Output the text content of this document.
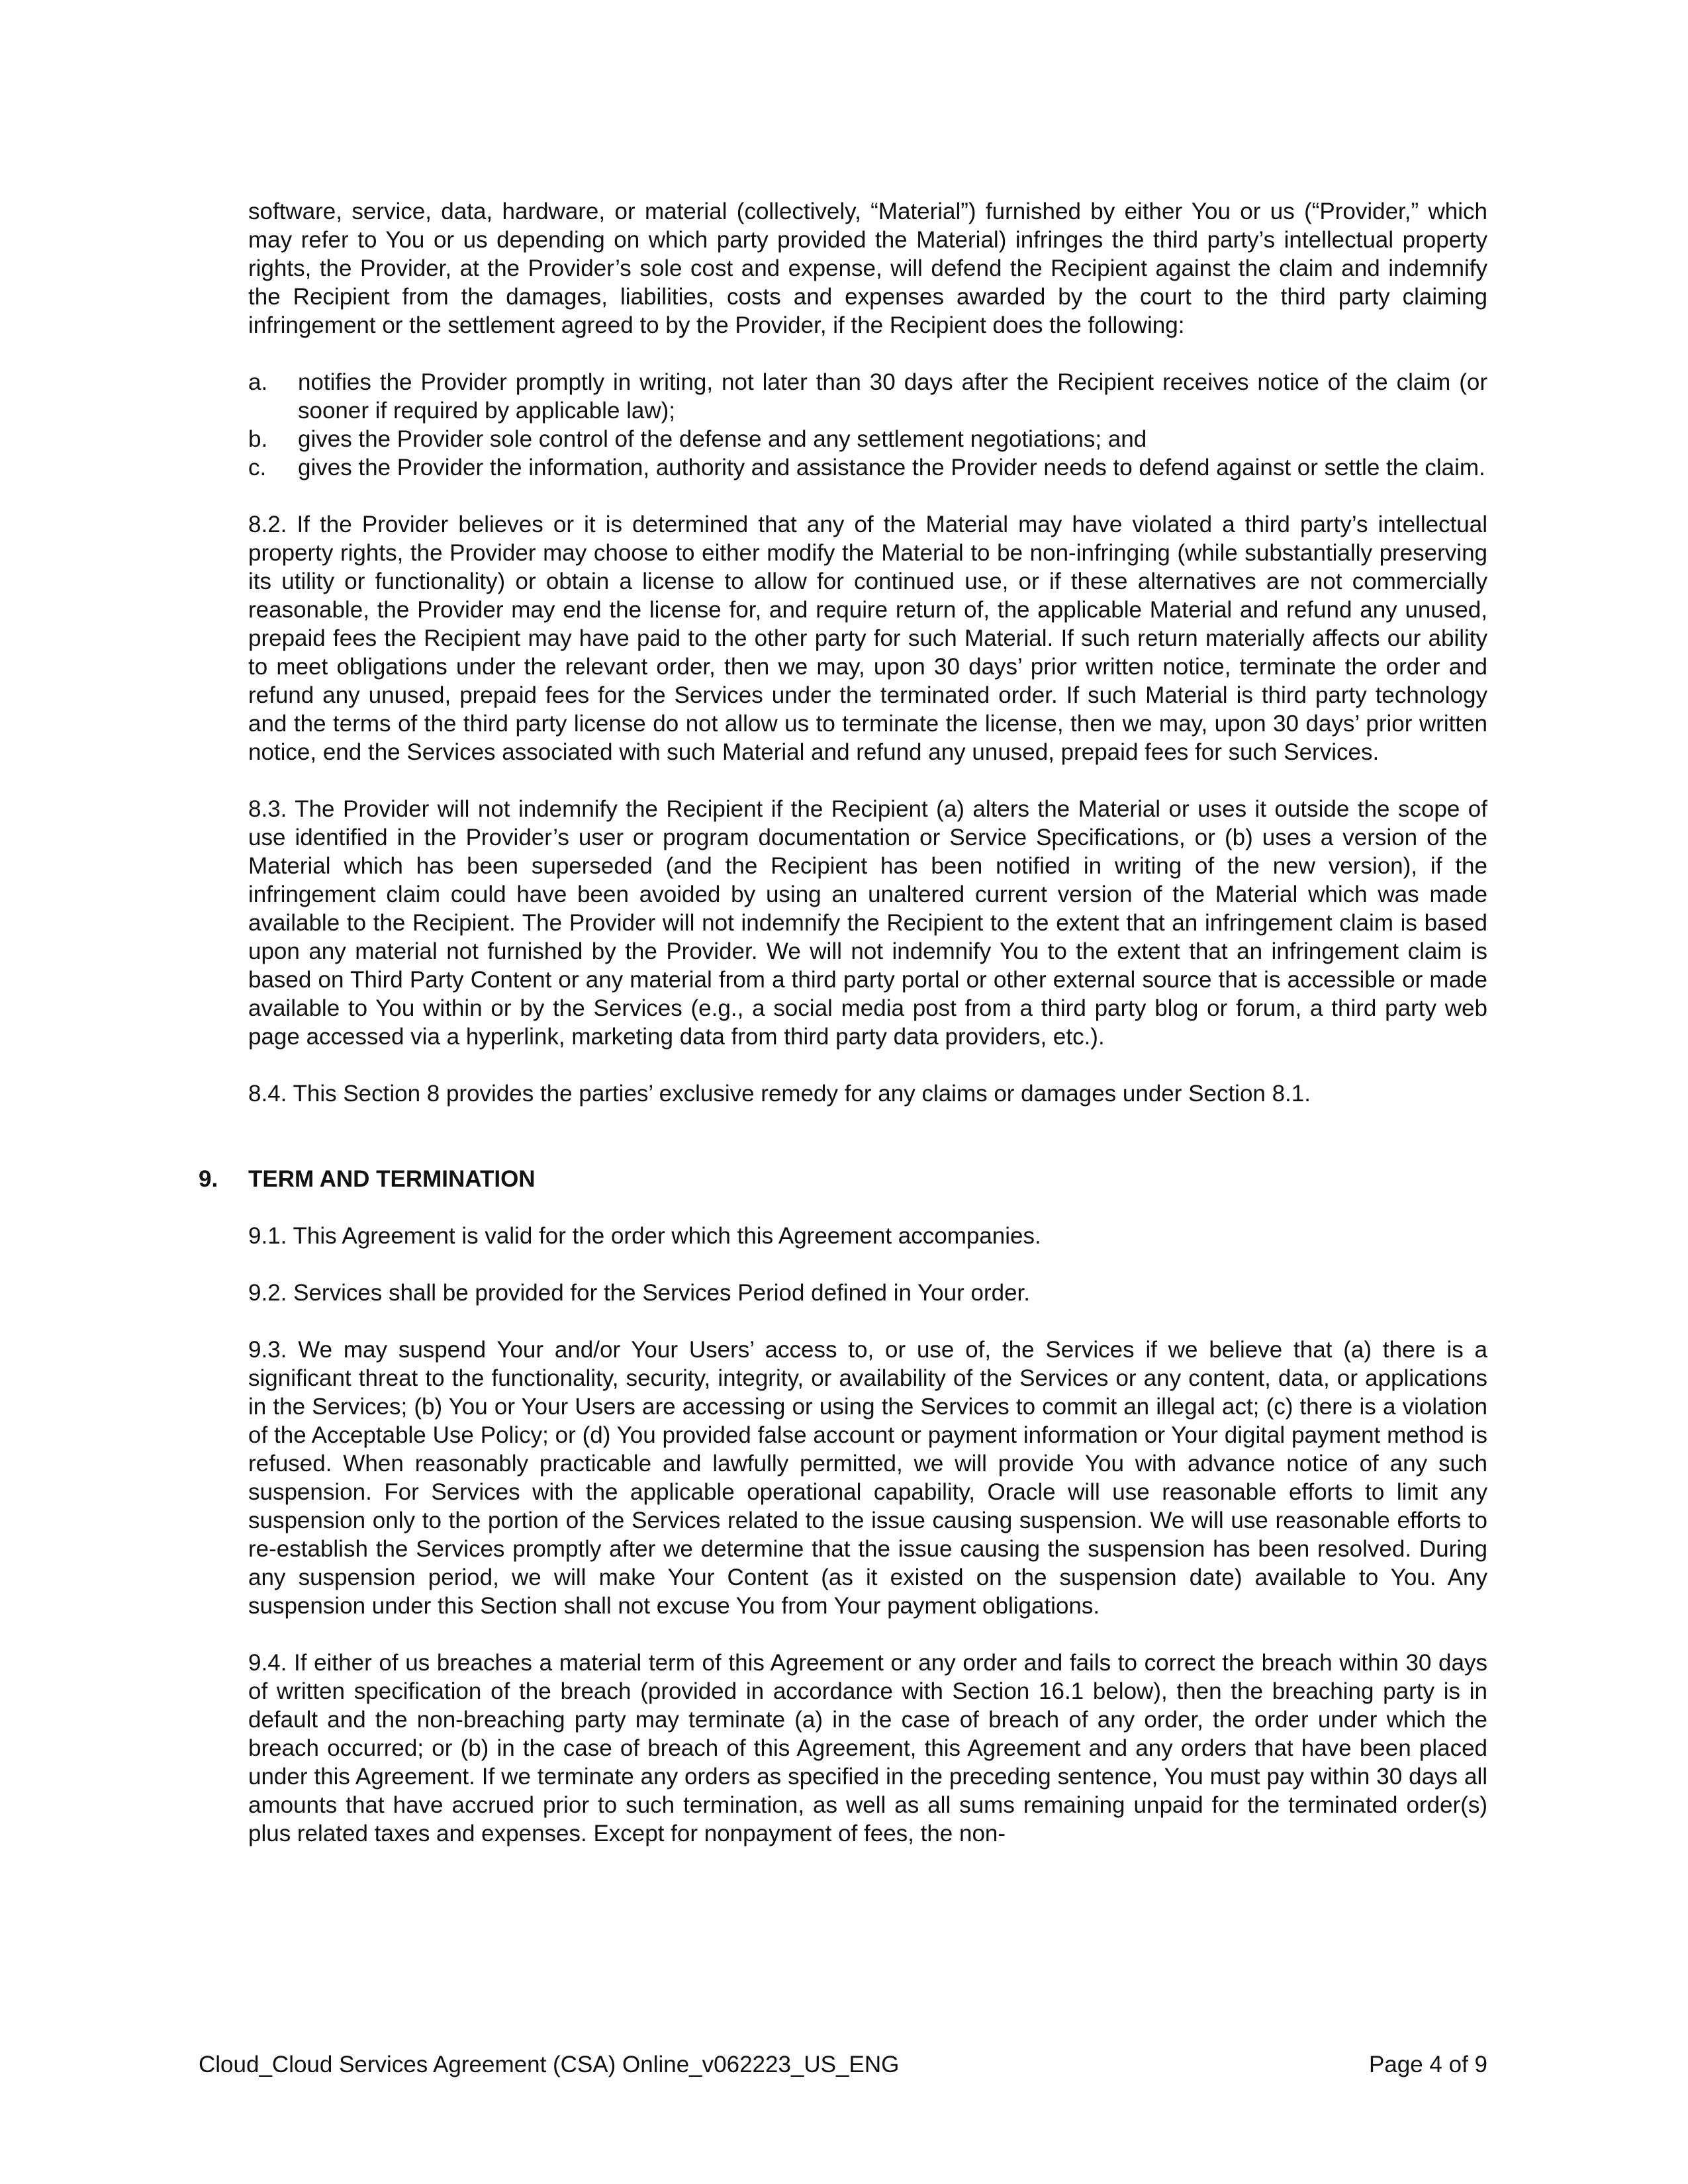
software, service, data, hardware, or material (collectively, “Material”) furnished by either You or us (“Provider,” which may refer to You or us depending on which party provided the Material) infringes the third party’s intellectual property rights, the Provider, at the Provider’s sole cost and expense, will defend the Recipient against the claim and indemnify the Recipient from the damages, liabilities, costs and expenses awarded by the court to the third party claiming infringement or the settlement agreed to by the Provider, if the Recipient does the following:

a. notifies the Provider promptly in writing, not later than 30 days after the Recipient receives notice of the claim (or sooner if required by applicable law);
b. gives the Provider sole control of the defense and any settlement negotiations; and
c. gives the Provider the information, authority and assistance the Provider needs to defend against or settle the claim.

8.2. If the Provider believes or it is determined that any of the Material may have violated a third party’s intellectual property rights, the Provider may choose to either modify the Material to be non-infringing (while substantially preserving its utility or functionality) or obtain a license to allow for continued use, or if these alternatives are not commercially reasonable, the Provider may end the license for, and require return of, the applicable Material and refund any unused, prepaid fees the Recipient may have paid to the other party for such Material. If such return materially affects our ability to meet obligations under the relevant order, then we may, upon 30 days’ prior written notice, terminate the order and refund any unused, prepaid fees for the Services under the terminated order. If such Material is third party technology and the terms of the third party license do not allow us to terminate the license, then we may, upon 30 days’ prior written notice, end the Services associated with such Material and refund any unused, prepaid fees for such Services.

8.3. The Provider will not indemnify the Recipient if the Recipient (a) alters the Material or uses it outside the scope of use identified in the Provider’s user or program documentation or Service Specifications, or (b) uses a version of the Material which has been superseded (and the Recipient has been notified in writing of the new version), if the infringement claim could have been avoided by using an unaltered current version of the Material which was made available to the Recipient. The Provider will not indemnify the Recipient to the extent that an infringement claim is based upon any material not furnished by the Provider. We will not indemnify You to the extent that an infringement claim is based on Third Party Content or any material from a third party portal or other external source that is accessible or made available to You within or by the Services (e.g., a social media post from a third party blog or forum, a third party web page accessed via a hyperlink, marketing data from third party data providers, etc.).

8.4. This Section 8 provides the parties’ exclusive remedy for any claims or damages under Section 8.1.

9. TERM AND TERMINATION

9.1. This Agreement is valid for the order which this Agreement accompanies.

9.2. Services shall be provided for the Services Period defined in Your order.

9.3. We may suspend Your and/or Your Users’ access to, or use of, the Services if we believe that (a) there is a significant threat to the functionality, security, integrity, or availability of the Services or any content, data, or applications in the Services; (b) You or Your Users are accessing or using the Services to commit an illegal act; (c) there is a violation of the Acceptable Use Policy; or (d) You provided false account or payment information or Your digital payment method is refused. When reasonably practicable and lawfully permitted, we will provide You with advance notice of any such suspension. For Services with the applicable operational capability, Oracle will use reasonable efforts to limit any suspension only to the portion of the Services related to the issue causing suspension. We will use reasonable efforts to re-establish the Services promptly after we determine that the issue causing the suspension has been resolved. During any suspension period, we will make Your Content (as it existed on the suspension date) available to You. Any suspension under this Section shall not excuse You from Your payment obligations.

9.4. If either of us breaches a material term of this Agreement or any order and fails to correct the breach within 30 days of written specification of the breach (provided in accordance with Section 16.1 below), then the breaching party is in default and the non-breaching party may terminate (a) in the case of breach of any order, the order under which the breach occurred; or (b) in the case of breach of this Agreement, this Agreement and any orders that have been placed under this Agreement. If we terminate any orders as specified in the preceding sentence, You must pay within 30 days all amounts that have accrued prior to such termination, as well as all sums remaining unpaid for the terminated order(s) plus related taxes and expenses. Except for nonpayment of fees, the non-

Cloud_Cloud Services Agreement (CSA) Online_v062223_US_ENG	Page 4 of 9
